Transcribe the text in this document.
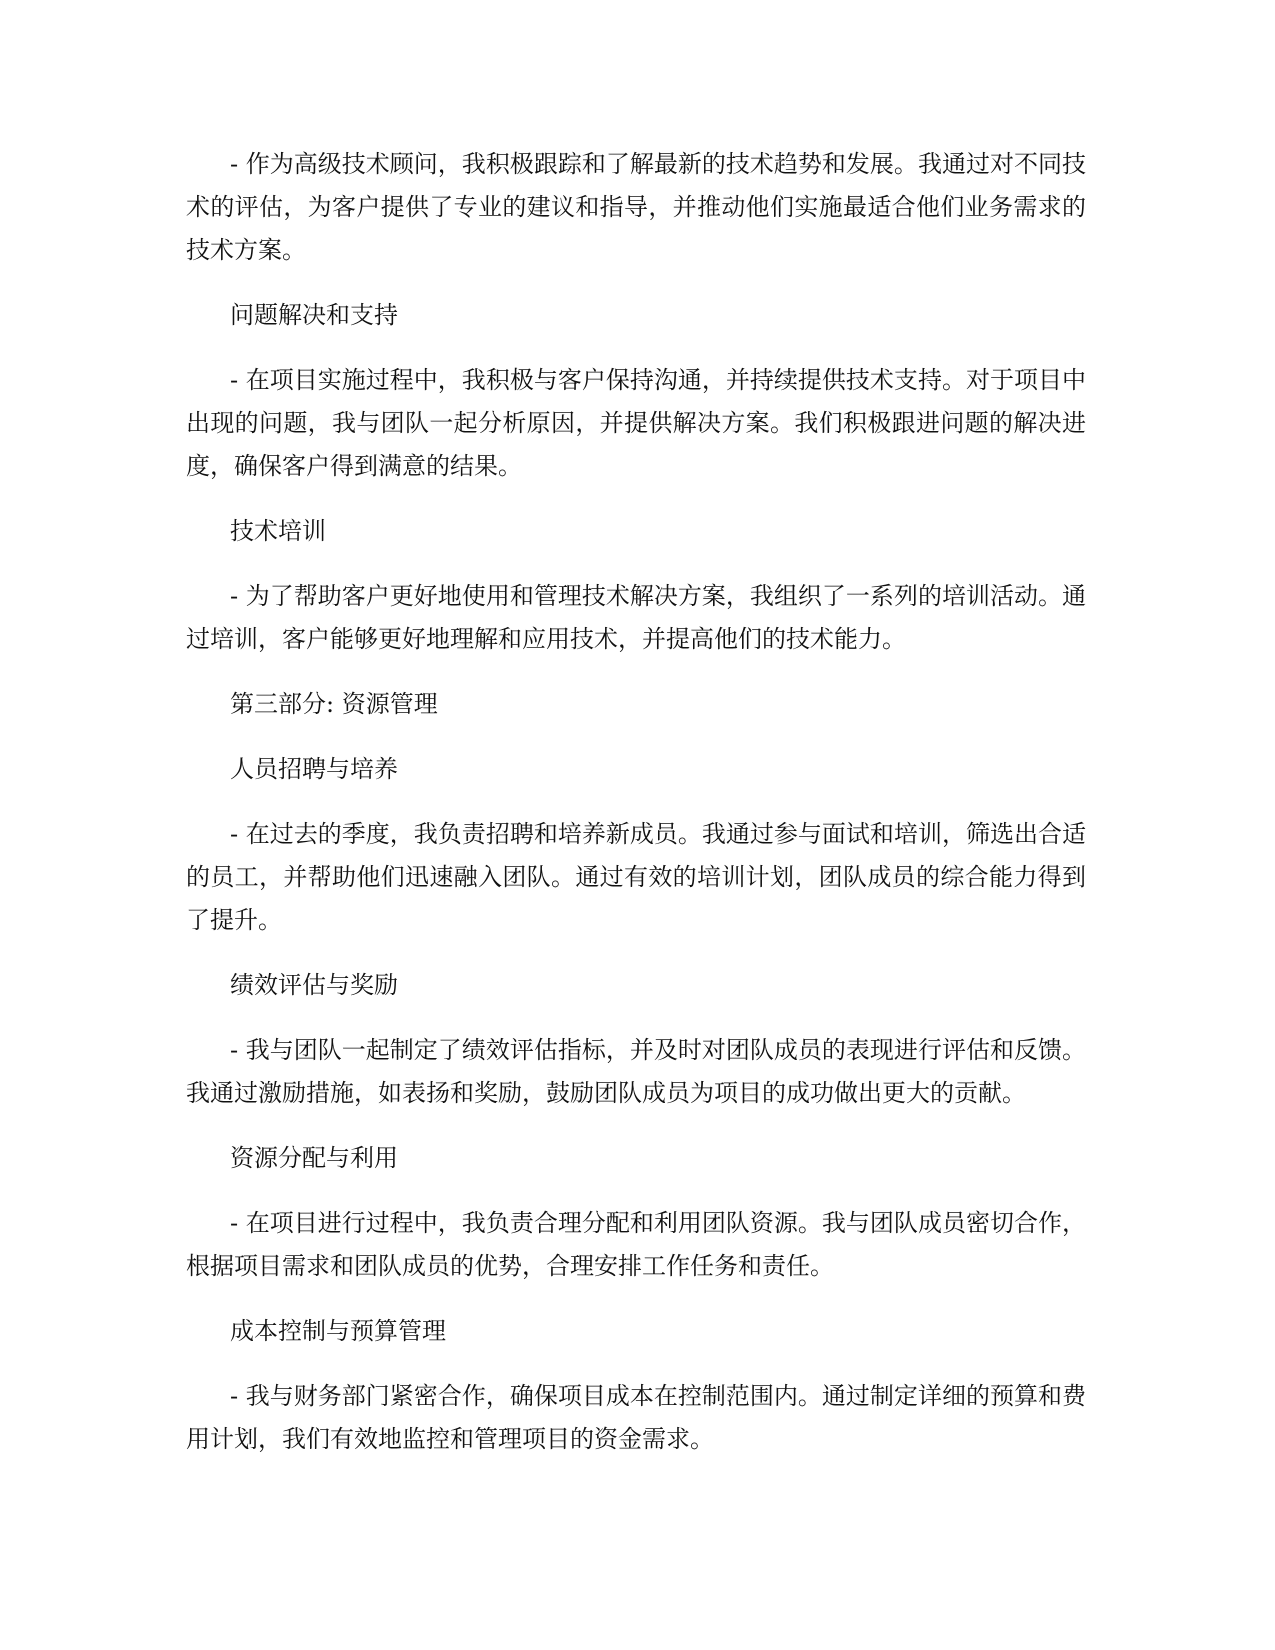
- 作为高级技术顾问，我积极跟踪和了解最新的技术趋势和发展。我通过对不同技术的评估，为客户提供了专业的建议和指导，并推动他们实施最适合他们业务需求的技术方案。

问题解决和支持

- 在项目实施过程中，我积极与客户保持沟通，并持续提供技术支持。对于项目中出现的问题，我与团队一起分析原因，并提供解决方案。我们积极跟进问题的解决进度，确保客户得到满意的结果。

技术培训

- 为了帮助客户更好地使用和管理技术解决方案，我组织了一系列的培训活动。通过培训，客户能够更好地理解和应用技术，并提高他们的技术能力。

第三部分: 资源管理

人员招聘与培养

- 在过去的季度，我负责招聘和培养新成员。我通过参与面试和培训，筛选出合适的员工，并帮助他们迅速融入团队。通过有效的培训计划，团队成员的综合能力得到了提升。

绩效评估与奖励

- 我与团队一起制定了绩效评估指标，并及时对团队成员的表现进行评估和反馈。我通过激励措施，如表扬和奖励，鼓励团队成员为项目的成功做出更大的贡献。

资源分配与利用

- 在项目进行过程中，我负责合理分配和利用团队资源。我与团队成员密切合作，根据项目需求和团队成员的优势，合理安排工作任务和责任。

成本控制与预算管理

- 我与财务部门紧密合作，确保项目成本在控制范围内。通过制定详细的预算和费用计划，我们有效地监控和管理项目的资金需求。
